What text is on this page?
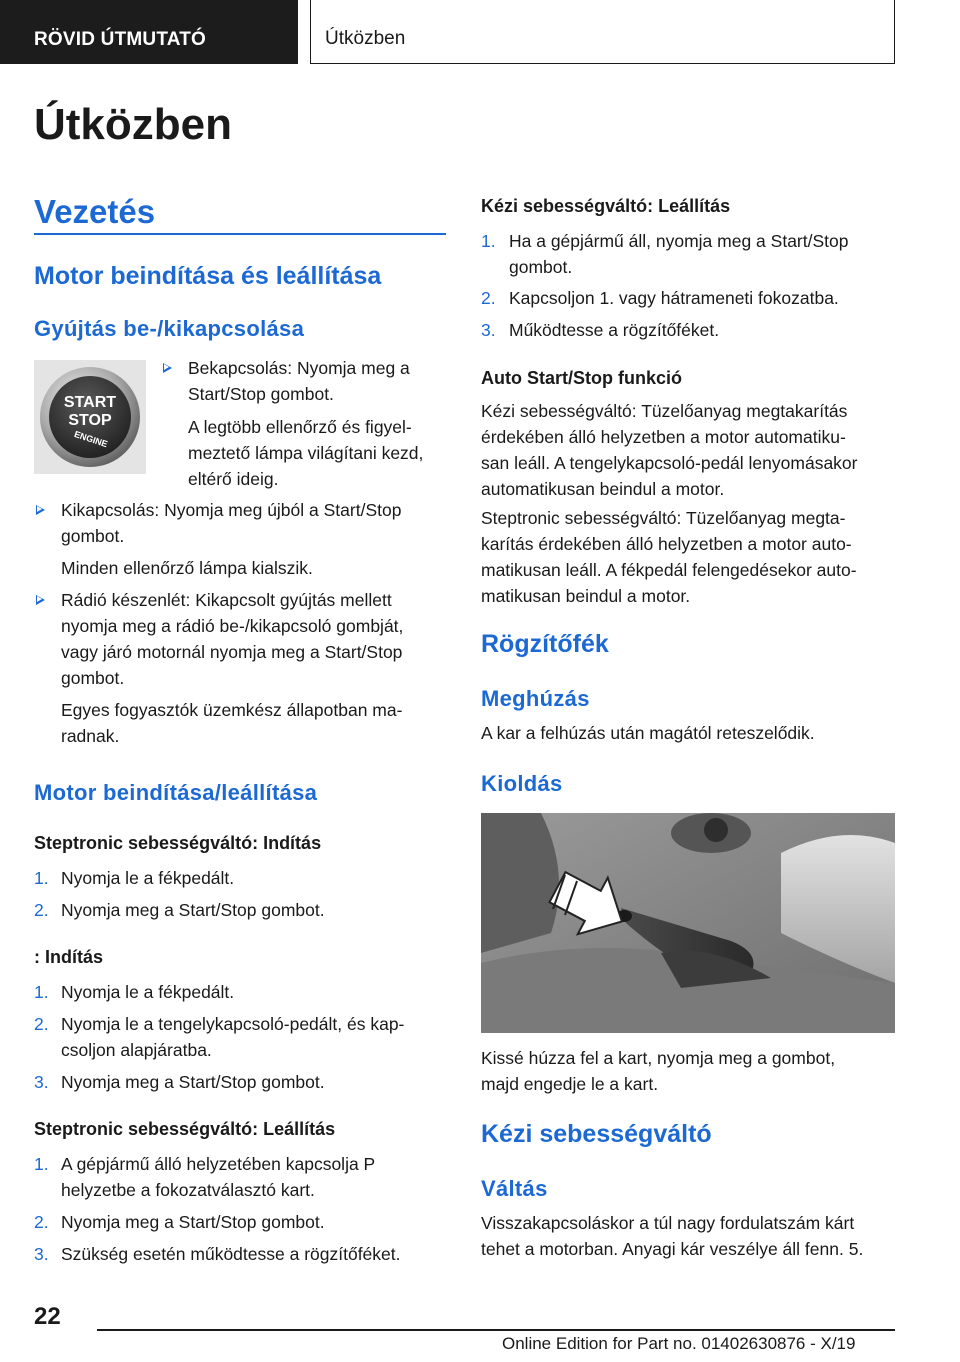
RÖVID ÚTMUTATÓ	Útközben
Útközben
Vezetés
Motor beindítása és leállítása
Gyújtás be-/kikapcsolása
START
STOP
ENGINE
Bekapcsolás: Nyomja meg a
Start/Stop gombot.
A legtöbb ellenőrző és figyel-
meztető lámpa világítani kezd,
eltérő ideig.
Kikapcsolás: Nyomja meg újból a Start/Stop
gombot.
Minden ellenőrző lámpa kialszik.
Rádió készenlét: Kikapcsolt gyújtás mellett
nyomja meg a rádió be-/kikapcsoló gombját,
vagy járó motornál nyomja meg a Start/Stop
gombot.
Egyes fogyasztók üzemkész állapotban ma-
radnak.
Motor beindítása/leállítása
Steptronic sebességváltó: Indítás
1. Nyomja le a fékpedált.
2. Nyomja meg a Start/Stop gombot.
: Indítás
1. Nyomja le a fékpedált.
2. Nyomja le a tengelykapcsoló-pedált, és kap-
csoljon alapjáratba.
3. Nyomja meg a Start/Stop gombot.
Steptronic sebességváltó: Leállítás
1. A gépjármű álló helyzetében kapcsolja P
helyzetbe a fokozatválasztó kart.
2. Nyomja meg a Start/Stop gombot.
3. Szükség esetén működtesse a rögzítőféket.
Kézi sebességváltó: Leállítás
1. Ha a gépjármű áll, nyomja meg a Start/Stop
gombot.
2. Kapcsoljon 1. vagy hátrameneti fokozatba.
3. Működtesse a rögzítőféket.
Auto Start/Stop funkció
Kézi sebességváltó: Tüzelőanyag megtakarítás
érdekében álló helyzetben a motor automatiku-
san leáll. A tengelykapcsoló-pedál lenyomásakor
automatikusan beindul a motor.
Steptronic sebességváltó: Tüzelőanyag megta-
karítás érdekében álló helyzetben a motor auto-
matikusan leáll. A fékpedál felengedésekor auto-
matikusan beindul a motor.
Rögzítőfék
Meghúzás
A kar a felhúzás után magától reteszelődik.
Kioldás
Kissé húzza fel a kart, nyomja meg a gombot,
majd engedje le a kart.
Kézi sebességváltó
Váltás
Visszakapcsoláskor a túl nagy fordulatszám kárt
tehet a motorban. Anyagi kár veszélye áll fenn. 5.
22
Online Edition for Part no. 01402630876 - X/19
